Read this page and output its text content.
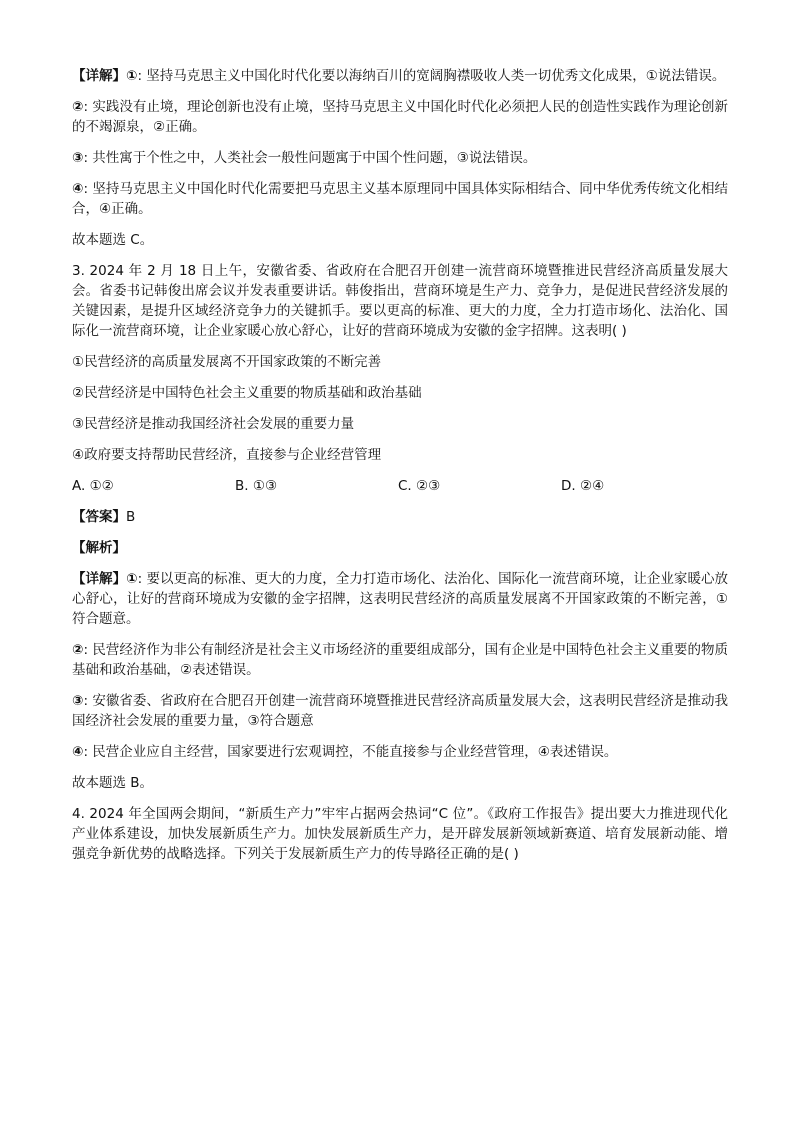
【详解】①: 坚持马克思主义中国化时代化要以海纳百川的宽阔胸襟吸收人类一切优秀文化成果，①说法错误。
②: 实践没有止境，理论创新也没有止境，坚持马克思主义中国化时代化必须把人民的创造性实践作为理论创新的不竭源泉，②正确。
③: 共性寓于个性之中，人类社会一般性问题寓于中国个性问题，③说法错误。
④: 坚持马克思主义中国化时代化需要把马克思主义基本原理同中国具体实际相结合、同中华优秀传统文化相结合，④正确。
故本题选 C。
3. 2024 年 2 月 18 日上午，安徽省委、省政府在合肥召开创建一流营商环境暨推进民营经济高质量发展大会。省委书记韩俊出席会议并发表重要讲话。韩俊指出，营商环境是生产力、竞争力，是促进民营经济发展的关键因素，是提升区域经济竞争力的关键抓手。要以更高的标准、更大的力度，全力打造市场化、法治化、国际化一流营商环境，让企业家暖心放心舒心，让好的营商环境成为安徽的金字招牌。这表明( )
①民营经济的高质量发展离不开国家政策的不断完善
②民营经济是中国特色社会主义重要的物质基础和政治基础
③民营经济是推动我国经济社会发展的重要力量
④政府要支持帮助民营经济，直接参与企业经营管理
A. ①②	B. ①③	C. ②③	D. ②④
【答案】B
【解析】
【详解】①: 要以更高的标准、更大的力度，全力打造市场化、法治化、国际化一流营商环境，让企业家暖心放心舒心，让好的营商环境成为安徽的金字招牌，这表明民营经济的高质量发展离不开国家政策的不断完善，①符合题意。
②: 民营经济作为非公有制经济是社会主义市场经济的重要组成部分，国有企业是中国特色社会主义重要的物质基础和政治基础，②表述错误。
③: 安徽省委、省政府在合肥召开创建一流营商环境暨推进民营经济高质量发展大会，这表明民营经济是推动我国经济社会发展的重要力量，③符合题意
④: 民营企业应自主经营，国家要进行宏观调控，不能直接参与企业经营管理，④表述错误。
故本题选 B。
4. 2024 年全国两会期间，“新质生产力”牢牢占据两会热词“C 位”。《政府工作报告》提出要大力推进现代化产业体系建设，加快发展新质生产力。加快发展新质生产力，是开辟发展新领域新赛道、培育发展新动能、增强竞争新优势的战略选择。下列关于发展新质生产力的传导路径正确的是( )
